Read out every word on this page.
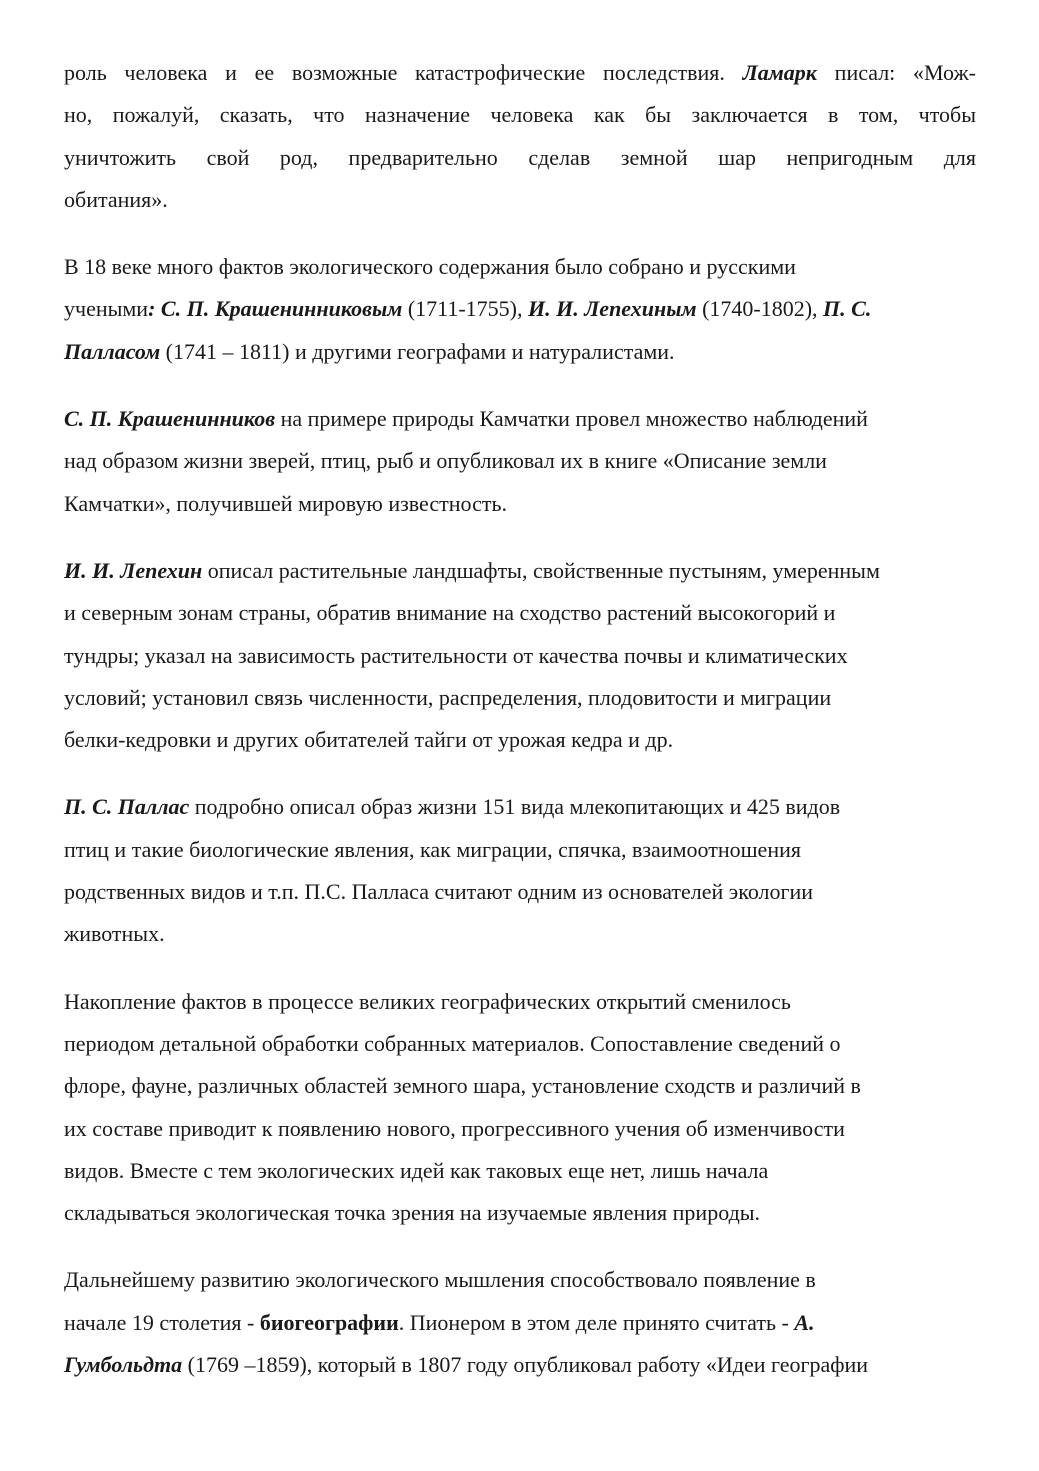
роль человека и ее возможные катастрофические последствия. Ламарк писал: «Мож-
но, пожалуй, сказать, что назначение человека как бы заключается в том, чтобы
уничтожить свой род, предварительно сделав земной шар непригодным для
обитания».

В 18 веке много фактов экологического содержания было собрано и русскими
учеными: С. П. Крашенинниковым (1711-1755), И. И. Лепехиным (1740-1802), П. С.
Палласом (1741 – 1811) и другими географами и натуралистами.

С. П. Крашенинников на примере природы Камчатки провел множество наблюдений
над образом жизни зверей, птиц, рыб и опубликовал их в книге «Описание земли
Камчатки», получившей мировую известность.

И. И. Лепехин описал растительные ландшафты, свойственные пустыням, умеренным
и северным зонам страны, обратив внимание на сходство растений высокогорий и
тундры; указал на зависимость растительности от качества почвы и климатических
условий; установил связь численности, распределения, плодовитости и миграции
белки-кедровки и других обитателей тайги от урожая кедра и др.

П. С. Паллас подробно описал образ жизни 151 вида млекопитающих и 425 видов
птиц и такие биологические явления, как миграции, спячка, взаимоотношения
родственных видов и т.п. П.С. Палласа считают одним из основателей экологии
животных.

Накопление фактов в процессе великих географических открытий сменилось
периодом детальной обработки собранных материалов. Сопоставление сведений о
флоре, фауне, различных областей земного шара, установление сходств и различий в
их составе приводит к появлению нового, прогрессивного учения об изменчивости
видов. Вместе с тем экологических идей как таковых еще нет, лишь начала
складываться экологическая точка зрения на изучаемые явления природы.

Дальнейшему развитию экологического мышления способствовало появление в
начале 19 столетия - биогеографии. Пионером в этом деле принято считать - А.
Гумбольдта (1769 –1859), который в 1807 году опубликовал работу «Идеи географии
